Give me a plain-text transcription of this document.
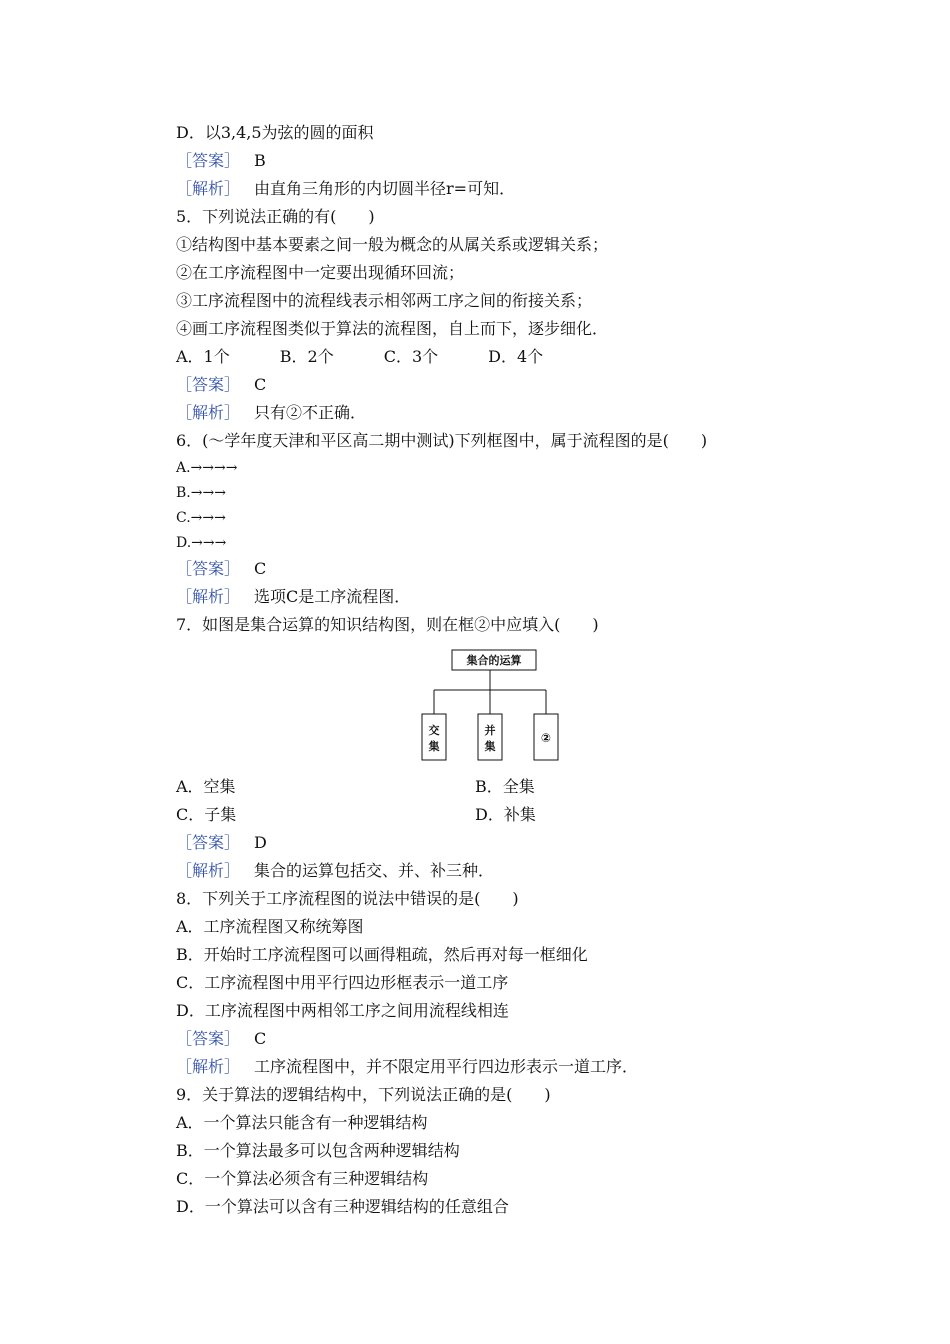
D．以3,4,5为弦的圆的面积
［答案］ B
［解析］ 由直角三角形的内切圆半径r=可知．
5．下列说法正确的有(　　)
①结构图中基本要素之间一般为概念的从属关系或逻辑关系；
②在工序流程图中一定要出现循环回流；
③工序流程图中的流程线表示相邻两工序之间的衔接关系；
④画工序流程图类似于算法的流程图，自上而下，逐步细化．
A．1个	B．2个	C．3个	D．4个
［答案］ C
［解析］ 只有②不正确．
6．(～学年度天津和平区高二期中测试)下列框图中，属于流程图的是(　　)
A.→→→→
B.→→→
C.→→→
D.→→→
［答案］ C
［解析］ 选项C是工序流程图．
7．如图是集合运算的知识结构图，则在框②中应填入(　　)
集合的运算
交
集
并
集
②
A．空集	B．全集
C．子集	D．补集
［答案］ D
［解析］ 集合的运算包括交、并、补三种．
8．下列关于工序流程图的说法中错误的是(　　)
A．工序流程图又称统筹图
B．开始时工序流程图可以画得粗疏，然后再对每一框细化
C．工序流程图中用平行四边形框表示一道工序
D．工序流程图中两相邻工序之间用流程线相连
［答案］ C
［解析］ 工序流程图中，并不限定用平行四边形表示一道工序．
9．关于算法的逻辑结构中，下列说法正确的是(　　)
A．一个算法只能含有一种逻辑结构
B．一个算法最多可以包含两种逻辑结构
C．一个算法必须含有三种逻辑结构
D．一个算法可以含有三种逻辑结构的任意组合
